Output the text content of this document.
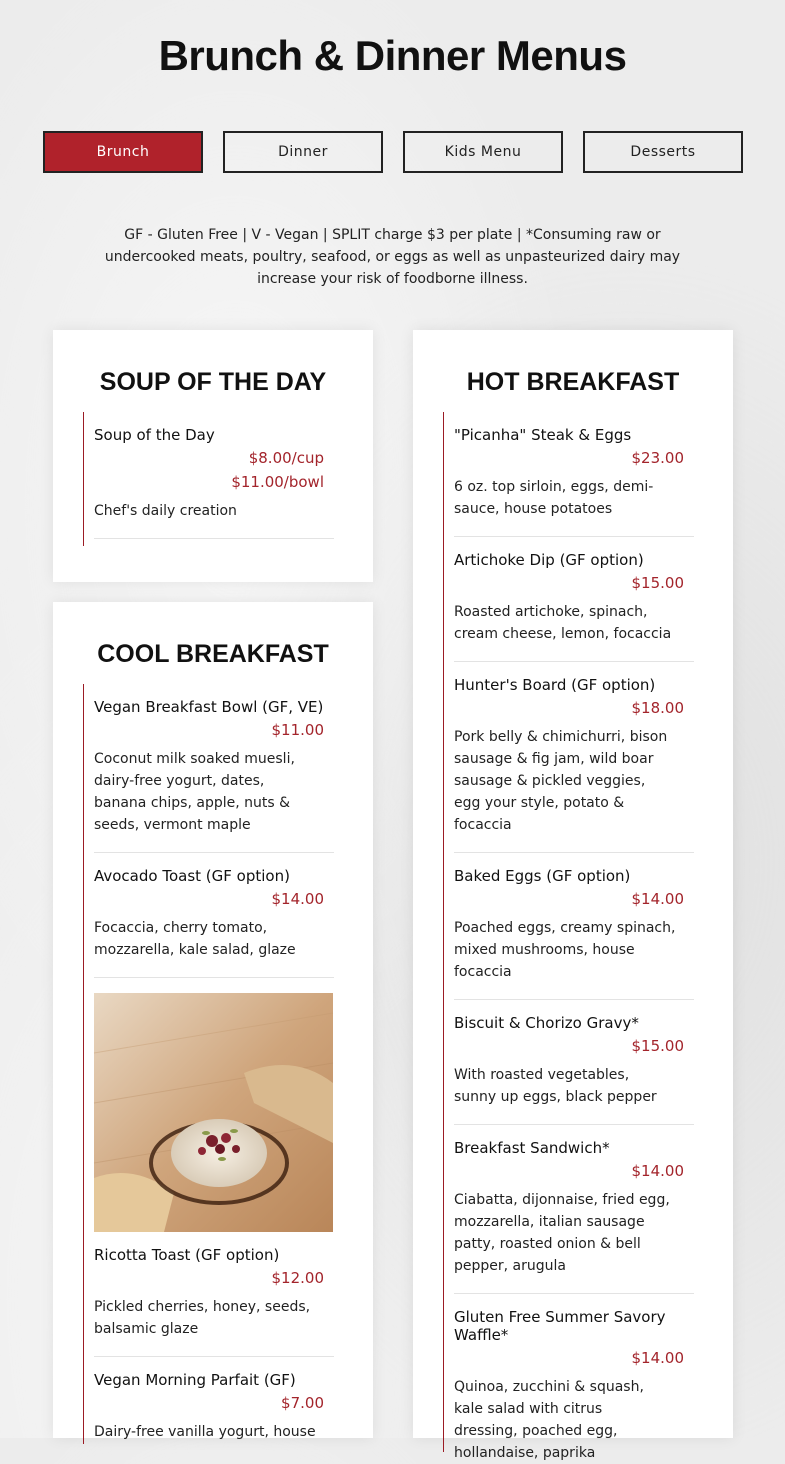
Brunch & Dinner Menus
Brunch	Dinner	Kids Menu	Desserts

GF - Gluten Free | V - Vegan | SPLIT charge $3 per plate | *Consuming raw or undercooked meats, poultry, seafood, or eggs as well as unpasteurized dairy may increase your risk of foodborne illness.

SOUP OF THE DAY
Soup of the Day
$8.00/cup
$11.00/bowl
Chef's daily creation
COOL BREAKFAST
Vegan Breakfast Bowl (GF, VE)
$11.00
Coconut milk soaked muesli, dairy-free yogurt, dates, banana chips, apple, nuts & seeds, vermont maple
Avocado Toast (GF option)
$14.00
Focaccia, cherry tomato, mozzarella, kale salad, glaze
Ricotta Toast (GF option)
$12.00
Pickled cherries, honey, seeds, balsamic glaze
Vegan Morning Parfait (GF)
$7.00
Dairy-free vanilla yogurt, house
HOT BREAKFAST
"Picanha" Steak & Eggs
$23.00
6 oz. top sirloin, eggs, demi-sauce, house potatoes
Artichoke Dip (GF option)
$15.00
Roasted artichoke, spinach, cream cheese, lemon, focaccia
Hunter's Board (GF option)
$18.00
Pork belly & chimichurri, bison sausage & fig jam, wild boar sausage & pickled veggies, egg your style, potato & focaccia
Baked Eggs (GF option)
$14.00
Poached eggs, creamy spinach, mixed mushrooms, house focaccia
Biscuit & Chorizo Gravy*
$15.00
With roasted vegetables, sunny up eggs, black pepper
Breakfast Sandwich*
$14.00
Ciabatta, dijonnaise, fried egg, mozzarella, italian sausage patty, roasted onion & bell pepper, arugula
Gluten Free Summer Savory Waffle*
$14.00
Quinoa, zucchini & squash, kale salad with citrus dressing, poached egg, hollandaise, paprika
